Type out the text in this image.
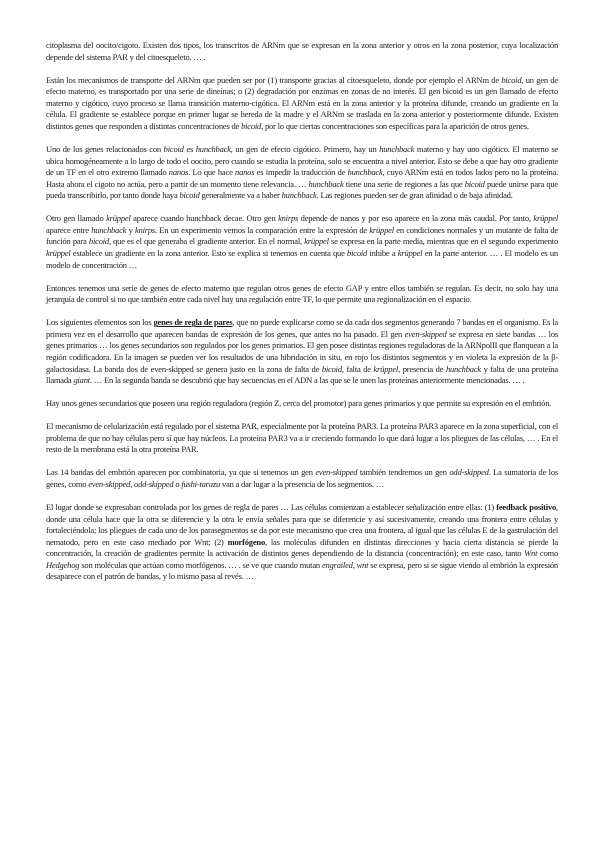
citoplasma del oocito/cigoto. Existen dos tipos, los transcritos de ARNm que se expresan en la zona anterior y otros en la zona posterior, cuya localización depende del sistema PAR y del citoesqueleto. … .

Están los mecanismos de transporte del ARNm que pueden ser por (1) transporte gracias al citoesqueleto, donde por ejemplo el ARNm de bicoid, un gen de efecto materno, es transportado por una serie de dineínas; o (2) degradación por enzimas en zonas de no interés. El gen bicoid es un gen llamado de efecto materno y cigótico, cuyo proceso se llama transición materno-cigótica. El ARNm está en la zona anterior y la proteína difunde, creando un gradiente en la célula. El gradiente se establece porque en primer lugar se hereda de la madre y el ARNm se traslada en la zona anterior y posteriormente difunde. Existen distintos genes que responden a distintas concentraciones de bicoid, por lo que ciertas concentraciones son específicas para la aparición de otros genes.

Uno de los genes relacionados con bicoid es hunchback, un gen de efecto cigótico. Primero, hay un hunchback materno y hay uno cigótico. El materno se ubica homogéneamente a lo largo de todo el oocito, pero cuando se estudia la proteína, solo se encuentra a nivel anterior. Esto se debe a que hay otro gradiente de un TF en el otro extremo llamado nanos. Lo que hace nanos es impedir la traducción de hunchback, cuyo ARNm está en todos lados pero no la proteína. Hasta ahora el cigoto no actúa, pero a partir de un momento tiene relevancia. … hunchback tiene una serie de regiones a las que bicoid puede unirse para que pueda transcribirlo, por tanto donde haya bicoid generalmente va a haber hunchback. Las regiones pueden ser de gran afinidad o de baja afinidad.

Otro gen llamado krüppel aparece cuando hunchback decae. Otro gen knirps depende de nanos y por eso aparece en la zona más caudal. Por tanto, krüppel aparece entre hunchback y knirps. En un experimento vemos la comparación entre la expresión de krüppel en condiciones normales y un mutante de falta de función para bicoid, que es el que generaba el gradiente anterior. En el normal, krüppel se expresa en la parte media, mientras que en el segundo experimento krüppel establece un gradiente en la zona anterior. Esto se explica si tenemos en cuenta que bicoid inhibe a krüppel en la parte anterior. … . El modelo es un modelo de concentración …

Entonces tenemos una serie de genes de efecto materno que regulan otros genes de efecto GAP y entre ellos también se regulan. Es decir, no solo hay una jerarquía de control si no que también entre cada nivel hay una regulación entre TF, lo que permite una regionalización en el espacio.

Los siguientes elementos son los genes de regla de pares, que no puede explicarse como se da cada dos segmentos generando 7 bandas en el organismo. Es la primera vez en el desarrollo que aparecen bandas de expresión de los genes, que antes no ha pasado. El gen even-skipped se expresa en siete bandas … los genes primarios … los genes secundarios son regulados por los genes primarios. El gen posee distintas regiones reguladoras de la ARNpolII que flanquean a la región codificadora. En la imagen se pueden ver los resultados de una hibridación in situ, en rojo los distintos segmentos y en violeta la expresión de la β-galactosidasa. La banda dos de even-skipped se genera justo en la zona de falta de bicoid, falta de krüppel, presencia de hunchback y falta de una proteína llamada giant. … En la segunda banda se descubrió que hay secuencias en el ADN a las que se le unen las proteínas anteriormente mencionadas. … .

Hay unos genes secundarios que poseen una región reguladora (región Z, cerca del promotor) para genes primarios y que permite su expresión en el embrión.

El mecanismo de celularización está regulado por el sistema PAR, especialmente por la proteína PAR3. La proteína PAR3 aparece en la zona superficial, con el problema de que no hay células pero sí que hay núcleos. La proteína PAR3 va a ir creciendo formando lo que dará lugar a los pliegues de las células, … . En el resto de la membrana está la otra proteína PAR.

Las 14 bandas del embrión aparecen por combinatoria, ya que si tenemos un gen even-skipped también tendremos un gen odd-skipped. La sumatoria de los genes, como even-skipped, odd-skipped o fushi-tarazu van a dar lugar a la presencia de los segmentos. …

El lugar donde se expresaban controlada por los genes de regla de pares … Las células comienzan a establecer señalización entre ellas: (1) feedback positivo, donde una célula hace que la otra se diferencie y la otra le envía señales para que se diferencie y así sucesivamente, creando una frontera entre células y fortaleciéndola; los pliegues de cada uno de los parasegmentos se da por este mecanismo que crea una frontera, al igual que las células E de la gastrulación del nematodo, pero en este caso mediado por Wnt; (2) morfógeno, las moléculas difunden en distintas direcciones y hacia cierta distancia se pierde la concentración, la creación de gradientes permite la activación de distintos genes dependiendo de la distancia (concentración); en este caso, tanto Wnt como Hedgehog son moléculas que actúan como morfógenos. … . se ve que cuando mutan engrailed, wnt se expresa, pero si se sigue viendo al embrión la expresión desaparece con el patrón de bandas, y lo mismo pasa al revés. …
